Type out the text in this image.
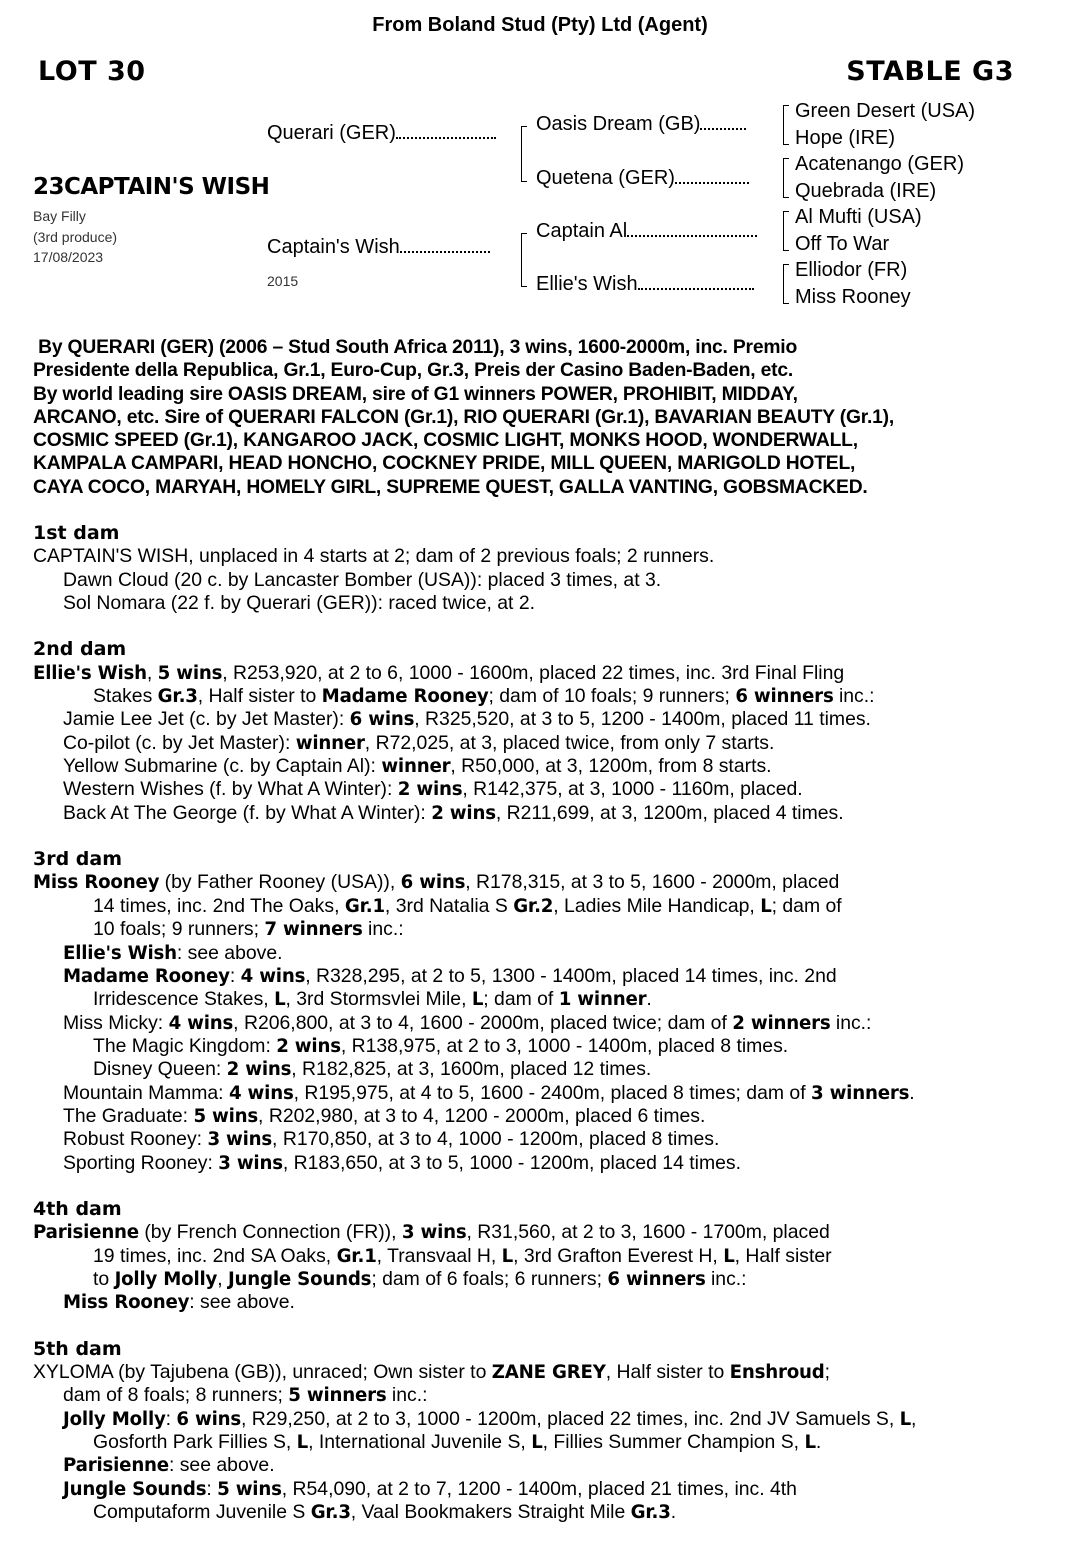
From Boland Stud (Pty) Ltd (Agent)
LOT 30	STABLE G3
23CAPTAIN'S WISH
Bay Filly
(3rd produce)
17/08/2023
Querari (GER)
Captain's Wish
2015
Oasis Dream (GB)
Quetena (GER)
Captain Al
Ellie's Wish
Green Desert (USA)
Hope (IRE)
Acatenango (GER)
Quebrada (IRE)
Al Mufti (USA)
Off To War
Elliodor (FR)
Miss Rooney
By QUERARI (GER) (2006 – Stud South Africa 2011), 3 wins, 1600-2000m, inc. Premio
Presidente della Republica, Gr.1, Euro-Cup, Gr.3, Preis der Casino Baden-Baden, etc.
By world leading sire OASIS DREAM, sire of G1 winners POWER, PROHIBIT, MIDDAY,
ARCANO, etc. Sire of QUERARI FALCON (Gr.1), RIO QUERARI (Gr.1), BAVARIAN BEAUTY (Gr.1),
COSMIC SPEED (Gr.1), KANGAROO JACK, COSMIC LIGHT, MONKS HOOD, WONDERWALL,
KAMPALA CAMPARI, HEAD HONCHO, COCKNEY PRIDE, MILL QUEEN, MARIGOLD HOTEL,
CAYA COCO, MARYAH, HOMELY GIRL, SUPREME QUEST, GALLA VANTING, GOBSMACKED.
1st dam
CAPTAIN'S WISH, unplaced in 4 starts at 2; dam of 2 previous foals; 2 runners.
Dawn Cloud (20 c. by Lancaster Bomber (USA)): placed 3 times, at 3.
Sol Nomara (22 f. by Querari (GER)): raced twice, at 2.
2nd dam
Ellie's Wish, 5 wins, R253,920, at 2 to 6, 1000 - 1600m, placed 22 times, inc. 3rd Final Fling
Stakes Gr.3, Half sister to Madame Rooney; dam of 10 foals; 9 runners; 6 winners inc.:
Jamie Lee Jet (c. by Jet Master): 6 wins, R325,520, at 3 to 5, 1200 - 1400m, placed 11 times.
Co-pilot (c. by Jet Master): winner, R72,025, at 3, placed twice, from only 7 starts.
Yellow Submarine (c. by Captain Al): winner, R50,000, at 3, 1200m, from 8 starts.
Western Wishes (f. by What A Winter): 2 wins, R142,375, at 3, 1000 - 1160m, placed.
Back At The George (f. by What A Winter): 2 wins, R211,699, at 3, 1200m, placed 4 times.
3rd dam
Miss Rooney (by Father Rooney (USA)), 6 wins, R178,315, at 3 to 5, 1600 - 2000m, placed
14 times, inc. 2nd The Oaks, Gr.1, 3rd Natalia S Gr.2, Ladies Mile Handicap, L; dam of
10 foals; 9 runners; 7 winners inc.:
Ellie's Wish: see above.
Madame Rooney: 4 wins, R328,295, at 2 to 5, 1300 - 1400m, placed 14 times, inc. 2nd
Irridescence Stakes, L, 3rd Stormsvlei Mile, L; dam of 1 winner.
Miss Micky: 4 wins, R206,800, at 3 to 4, 1600 - 2000m, placed twice; dam of 2 winners inc.:
The Magic Kingdom: 2 wins, R138,975, at 2 to 3, 1000 - 1400m, placed 8 times.
Disney Queen: 2 wins, R182,825, at 3, 1600m, placed 12 times.
Mountain Mamma: 4 wins, R195,975, at 4 to 5, 1600 - 2400m, placed 8 times; dam of 3 winners.
The Graduate: 5 wins, R202,980, at 3 to 4, 1200 - 2000m, placed 6 times.
Robust Rooney: 3 wins, R170,850, at 3 to 4, 1000 - 1200m, placed 8 times.
Sporting Rooney: 3 wins, R183,650, at 3 to 5, 1000 - 1200m, placed 14 times.
4th dam
Parisienne (by French Connection (FR)), 3 wins, R31,560, at 2 to 3, 1600 - 1700m, placed
19 times, inc. 2nd SA Oaks, Gr.1, Transvaal H, L, 3rd Grafton Everest H, L, Half sister
to Jolly Molly, Jungle Sounds; dam of 6 foals; 6 runners; 6 winners inc.:
Miss Rooney: see above.
5th dam
XYLOMA (by Tajubena (GB)), unraced; Own sister to ZANE GREY, Half sister to Enshroud;
dam of 8 foals; 8 runners; 5 winners inc.:
Jolly Molly: 6 wins, R29,250, at 2 to 3, 1000 - 1200m, placed 22 times, inc. 2nd JV Samuels S, L,
Gosforth Park Fillies S, L, International Juvenile S, L, Fillies Summer Champion S, L.
Parisienne: see above.
Jungle Sounds: 5 wins, R54,090, at 2 to 7, 1200 - 1400m, placed 21 times, inc. 4th
Computaform Juvenile S Gr.3, Vaal Bookmakers Straight Mile Gr.3.
